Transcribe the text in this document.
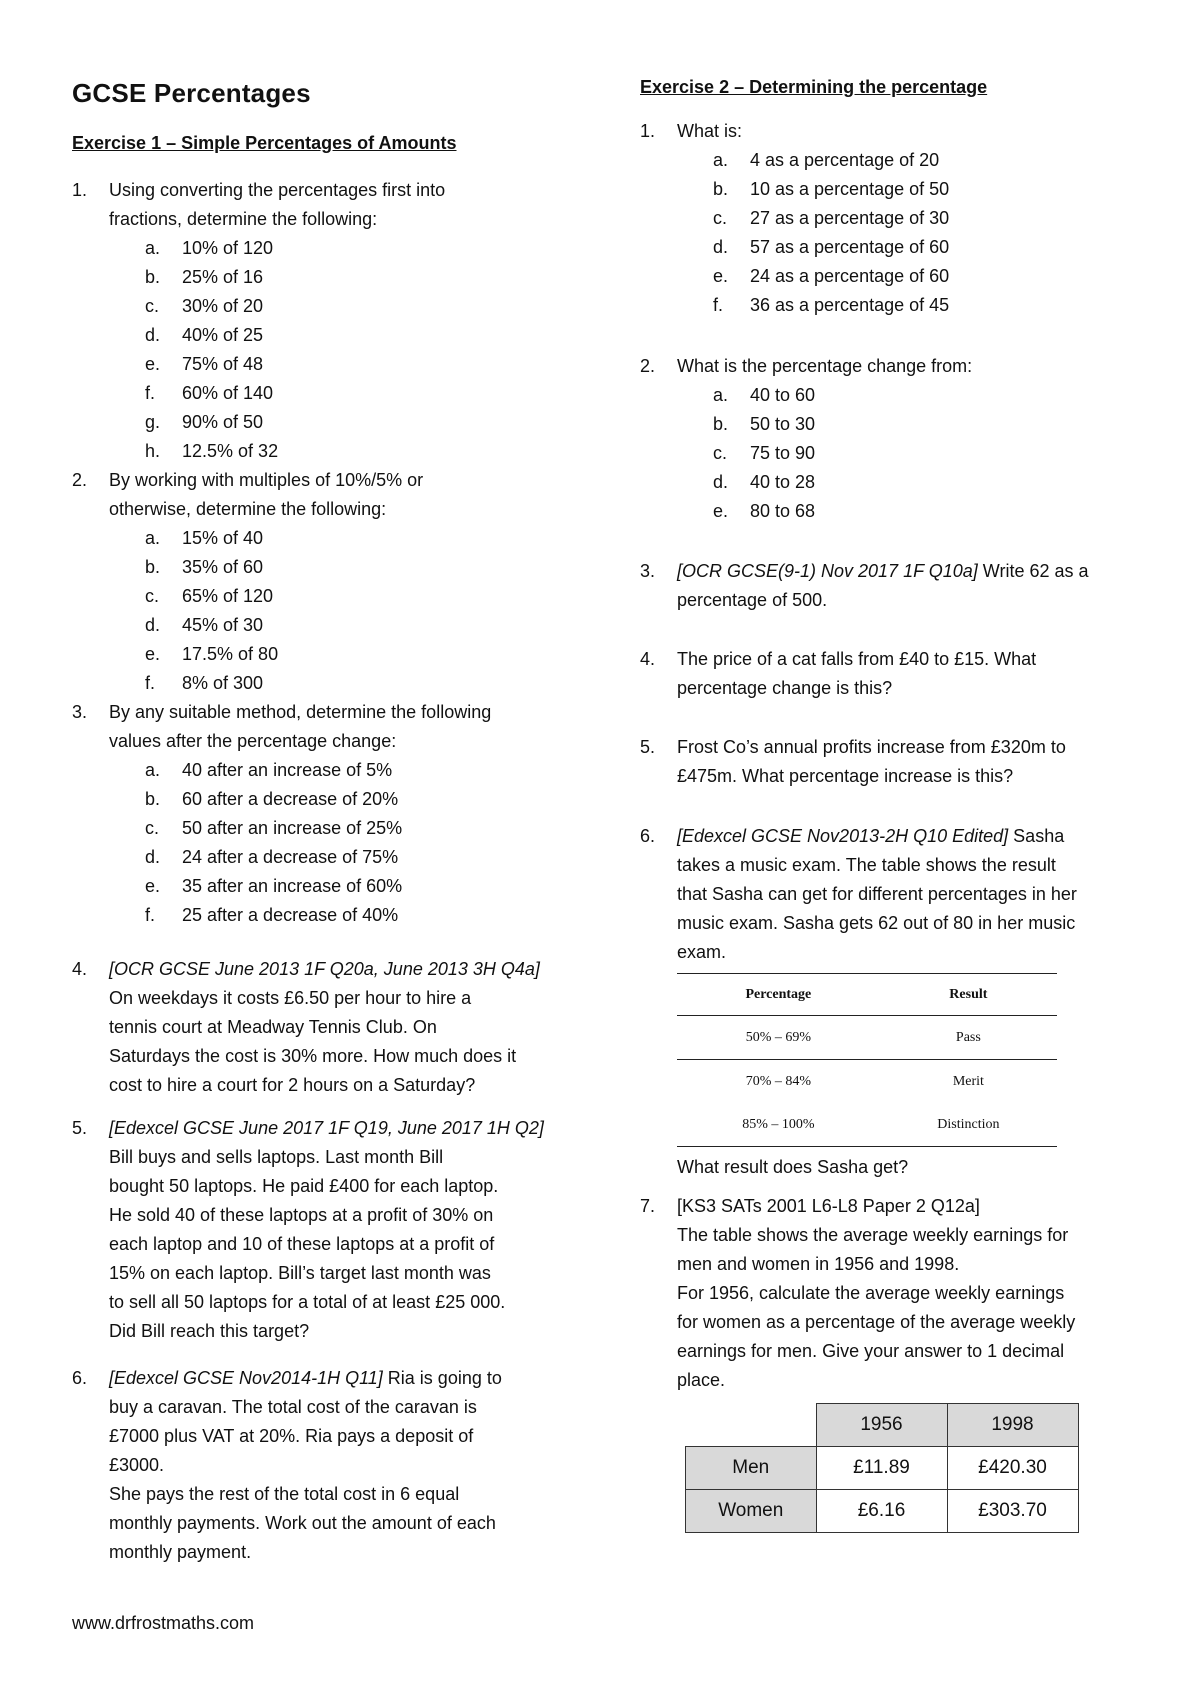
GCSE Percentages
Exercise 1 – Simple Percentages of Amounts
1. Using converting the percentages first into
fractions, determine the following:
a.	10% of 120
b.	25% of 16
c.	30% of 20
d.	40% of 25
e.	75% of 48
f.	60% of 140
g.	90% of 50
h.	12.5% of 32
2. By working with multiples of 10%/5% or
otherwise, determine the following:
a.	15% of 40
b.	35% of 60
c.	65% of 120
d.	45% of 30
e.	17.5% of 80
f.	8% of 300
3. By any suitable method, determine the following
values after the percentage change:
a.	40 after an increase of 5%
b.	60 after a decrease of 20%
c.	50 after an increase of 25%
d.	24 after a decrease of 75%
e.	35 after an increase of 60%
f.	25 after a decrease of 40%
4. [OCR GCSE June 2013 1F Q20a, June 2013 3H Q4a]
On weekdays it costs £6.50 per hour to hire a
tennis court at Meadway Tennis Club. On
Saturdays the cost is 30% more. How much does it
cost to hire a court for 2 hours on a Saturday?
5. [Edexcel GCSE June 2017 1F Q19, June 2017 1H Q2]
Bill buys and sells laptops. Last month Bill
bought 50 laptops. He paid £400 for each laptop.
He sold 40 of these laptops at a profit of 30% on
each laptop and 10 of these laptops at a profit of
15% on each laptop. Bill’s target last month was
to sell all 50 laptops for a total of at least £25 000.
Did Bill reach this target?
6. [Edexcel GCSE Nov2014-1H Q11] Ria is going to
buy a caravan. The total cost of the caravan is
£7000 plus VAT at 20%. Ria pays a deposit of
£3000.
She pays the rest of the total cost in 6 equal
monthly payments. Work out the amount of each
monthly payment.
Exercise 2 – Determining the percentage
1. What is:
a.	4 as a percentage of 20
b.	10 as a percentage of 50
c.	27 as a percentage of 30
d.	57 as a percentage of 60
e.	24 as a percentage of 60
f.	36 as a percentage of 45
2. What is the percentage change from:
a.	40 to 60
b.	50 to 30
c.	75 to 90
d.	40 to 28
e.	80 to 68
3. [OCR GCSE(9-1) Nov 2017 1F Q10a] Write 62 as a
percentage of 500.
4. The price of a cat falls from £40 to £15. What
percentage change is this?
5. Frost Co’s annual profits increase from £320m to
£475m. What percentage increase is this?
6. [Edexcel GCSE Nov2013-2H Q10 Edited] Sasha
takes a music exam. The table shows the result
that Sasha can get for different percentages in her
music exam. Sasha gets 62 out of 80 in her music
exam.
Percentage	Result
50% – 69%	Pass
70% – 84%	Merit
85% – 100%	Distinction
What result does Sasha get?
7. [KS3 SATs 2001 L6-L8 Paper 2 Q12a]
The table shows the average weekly earnings for
men and women in 1956 and 1998.
For 1956, calculate the average weekly earnings
for women as a percentage of the average weekly
earnings for men. Give your answer to 1 decimal
place.
	1956	1998
Men	£11.89	£420.30
Women	£6.16	£303.70
www.drfrostmaths.com
